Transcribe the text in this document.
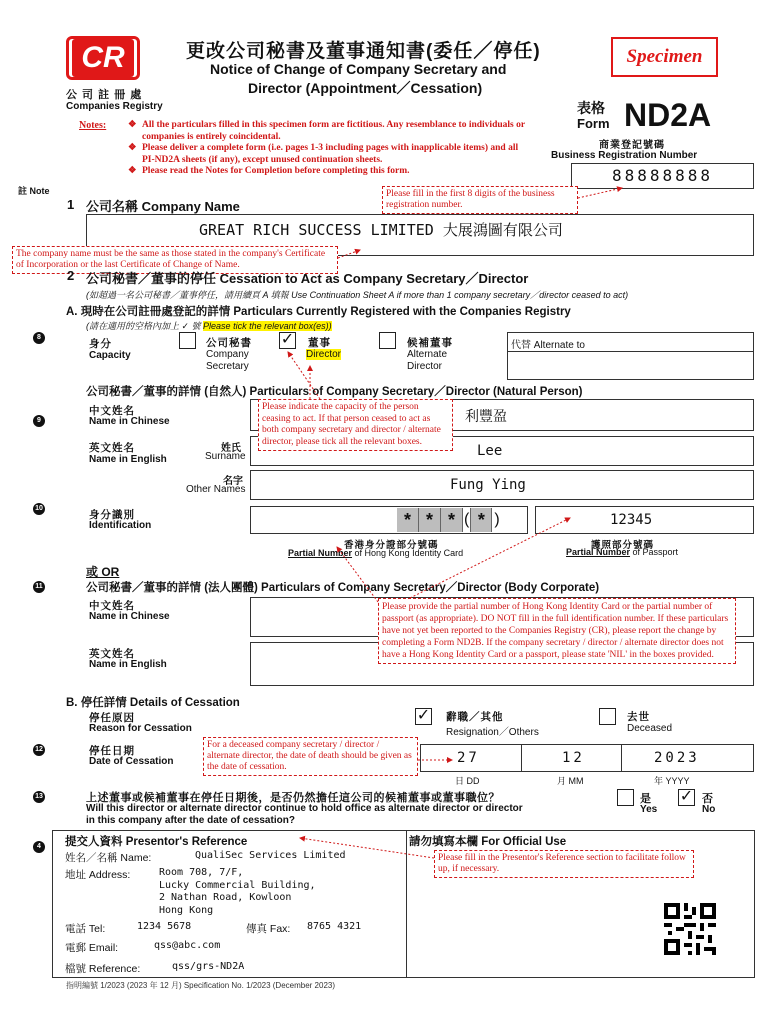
CR
公 司 註 冊 處
Companies Registry
更改公司秘書及董事通知書(委任／停任)
Notice of Change of Company Secretary and
Director (Appointment／Cessation)
Specimen
表格
Form ND2A
商業登記號碼
Business Registration Number
88888888
Notes: ❖ All the particulars filled in this specimen form are fictitious. Any resemblance to individuals or companies is entirely coincidental.
❖ Please deliver a complete form (i.e. pages 1-3 including pages with inapplicable items) and all PI-ND2A sheets (if any), except unused continuation sheets.
❖ Please read the Notes for Completion before completing this form.
註 Note
1 公司名稱 Company Name
GREAT RICH SUCCESS LIMITED 大展鴻圖有限公司
Please fill in the first 8 digits of the business registration number.
The company name must be the same as those stated in the company's Certificate of Incorporation or the last Certificate of Change of Name.
2 公司秘書／董事的停任 Cessation to Act as Company Secretary／Director
(如超過一名公司秘書／董事停任，請用續頁 A 填報 Use Continuation Sheet A if more than 1 company secretary／director ceased to act)
A. 現時在公司註冊處登記的詳情 Particulars Currently Registered with the Companies Registry
(請在適用的空格內加上 ✓ 號 Please tick the relevant box(es))
8
9
10
11
12
13
4
身分
Capacity
公司秘書
Company
Secretary
✓ 董事
Director
候補董事
Alternate
Director
代替 Alternate to
公司秘書／董事的詳情 (自然人) Particulars of Company Secretary／Director (Natural Person)
中文姓名
Name in Chinese	利豐盈
英文姓名
Name in English
姓氏
Surname	Lee
名字
Other Names	Fung Ying
Please indicate the capacity of the person ceasing to act. If that person ceased to act as both company secretary and director / alternate director, please tick all the relevant boxes.
身分識別
Identification	* * * ( * )	12345
香港身分證部分號碼
Partial Number of Hong Kong Identity Card
護照部分號碼
Partial Number of Passport
或 OR
公司秘書／董事的詳情 (法人團體) Particulars of Company Secretary／Director (Body Corporate)
中文姓名
Name in Chinese
英文姓名
Name in English
Please provide the partial number of Hong Kong Identity Card or the partial number of passport (as appropriate). DO NOT fill in the full identification number. If these particulars have not yet been reported to the Companies Registry (CR), please report the change by completing a Form ND2B. If the company secretary / director / alternate director does not have a Hong Kong Identity Card or a passport, please state 'NIL' in the boxes provided.
B. 停任詳情 Details of Cessation
停任原因
Reason for Cessation
✓ 辭職／其他
Resignation／Others
去世
Deceased
停任日期
Date of Cessation	27	12	2023
日 DD	月 MM	年 YYYY
For a deceased company secretary / director / alternate director, the date of death should be given as the date of cessation.
上述董事或候補董事在停任日期後，是否仍然擔任這公司的候補董事或董事職位？
Will this director or alternate director continue to hold office as alternate director or director
in this company after the date of cessation?
是
Yes
✓ 否
No
提交人資料 Presentor's Reference	請勿填寫本欄 For Official Use
姓名／名稱 Name:	QualiSec Services Limited
地址 Address:	Room 708, 7/F,
Lucky Commercial Building,
2 Nathan Road, Kowloon
Hong Kong
電話 Tel:	1234 5678	傳真 Fax: 8765 4321
電郵 Email:	qss@abc.com
檔號 Reference:	qss/grs-ND2A
Please fill in the Presentor's Reference section to facilitate follow up, if necessary.
指明編號 1/2023 (2023 年 12 月) Specification No. 1/2023 (December 2023)
